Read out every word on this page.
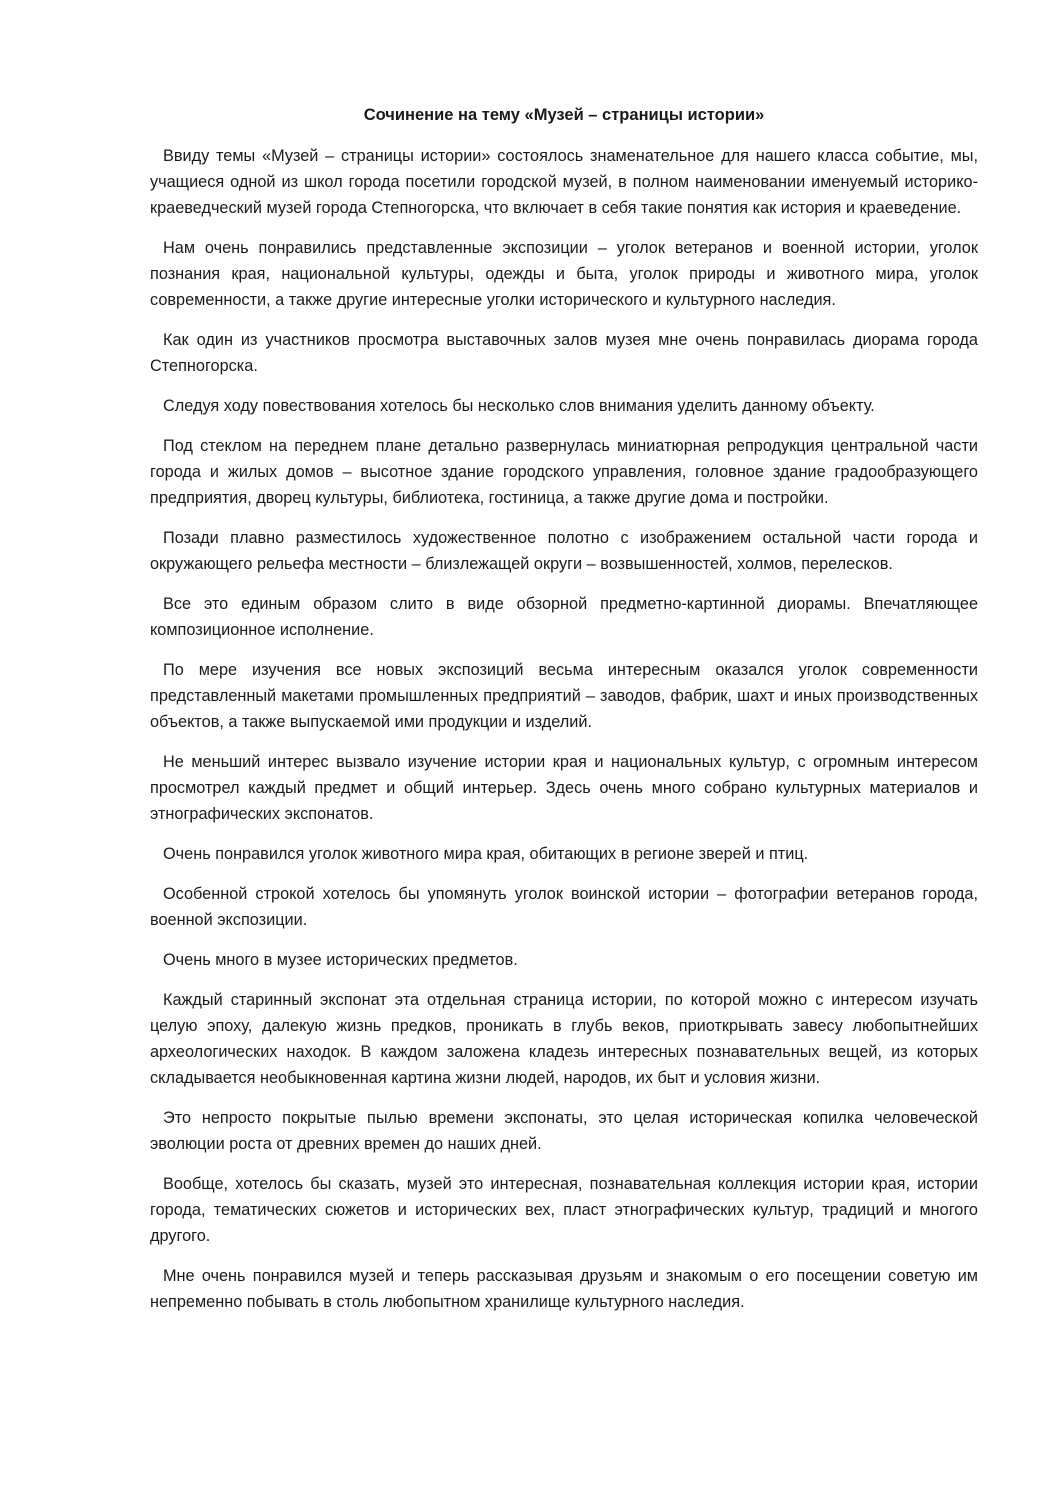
Сочинение на тему «Музей – страницы истории»

Ввиду темы «Музей – страницы истории» состоялось знаменательное для нашего класса событие, мы, учащиеся одной из школ города посетили городской музей, в полном наименовании именуемый историко-краеведческий музей города Степногорска, что включает в себя такие понятия как история и краеведение.

Нам очень понравились представленные экспозиции – уголок ветеранов и военной истории, уголок познания края, национальной культуры, одежды и быта, уголок природы и животного мира, уголок современности, а также другие интересные уголки исторического и культурного наследия.

Как один из участников просмотра выставочных залов музея мне очень понравилась диорама города Степногорска.

Следуя ходу повествования хотелось бы несколько слов внимания уделить данному объекту.

Под стеклом на переднем плане детально развернулась миниатюрная репродукция центральной части города и жилых домов – высотное здание городского управления, головное здание градообразующего предприятия, дворец культуры, библиотека, гостиница, а также другие дома и постройки.

Позади плавно разместилось художественное полотно с изображением остальной части города и окружающего рельефа местности – близлежащей округи – возвышенностей, холмов, перелесков.

Все это единым образом слито в виде обзорной предметно-картинной диорамы. Впечатляющее композиционное исполнение.

По мере изучения все новых экспозиций весьма интересным оказался уголок современности представленный макетами промышленных предприятий – заводов, фабрик, шахт и иных производственных объектов, а также выпускаемой ими продукции и изделий.

Не меньший интерес вызвало изучение истории края и национальных культур, с огромным интересом просмотрел каждый предмет и общий интерьер. Здесь очень много собрано культурных материалов и этнографических экспонатов.

Очень понравился уголок животного мира края, обитающих в регионе зверей и птиц.

Особенной строкой хотелось бы упомянуть уголок воинской истории – фотографии ветеранов города, военной экспозиции.

Очень много в музее исторических предметов.

Каждый старинный экспонат эта отдельная страница истории, по которой можно с интересом изучать целую эпоху, далекую жизнь предков, проникать в глубь веков, приоткрывать завесу любопытнейших археологических находок. В каждом заложена кладезь интересных познавательных вещей, из которых складывается необыкновенная картина жизни людей, народов, их быт и условия жизни.

Это непросто покрытые пылью времени экспонаты, это целая историческая копилка человеческой эволюции роста от древних времен до наших дней.

Вообще, хотелось бы сказать, музей это интересная, познавательная коллекция истории края, истории города, тематических сюжетов и исторических вех, пласт этнографических культур, традиций и многого другого.

Мне очень понравился музей и теперь рассказывая друзьям и знакомым о его посещении советую им непременно побывать в столь любопытном хранилище культурного наследия.
